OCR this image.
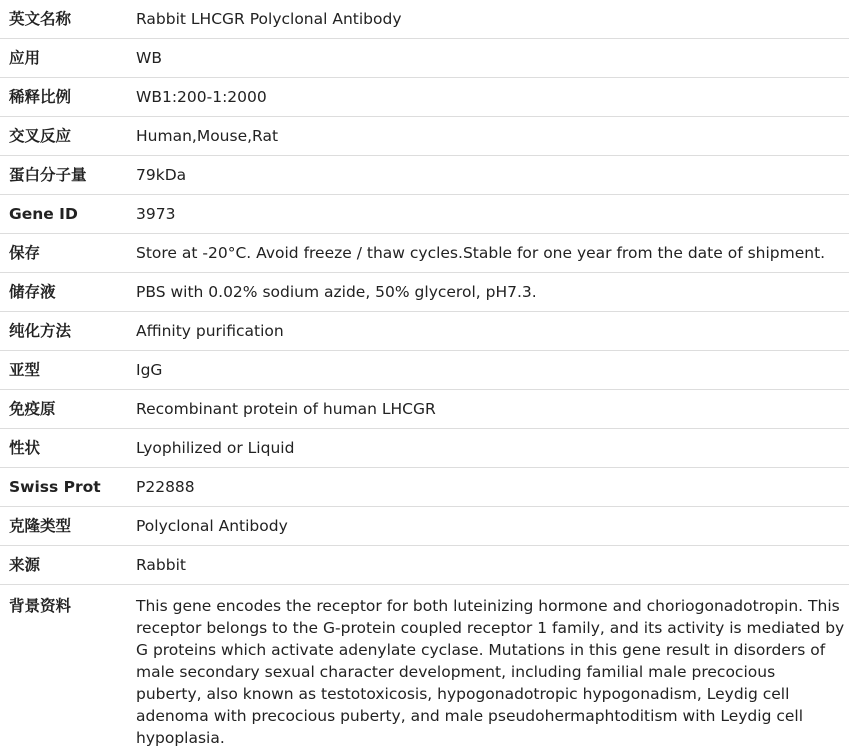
英文名称	Rabbit LHCGR Polyclonal Antibody
应用	WB
稀释比例	WB1:200-1:2000
交叉反应	Human,Mouse,Rat
蛋白分子量	79kDa
Gene ID	3973
保存	Store at -20°C. Avoid freeze / thaw cycles.Stable for one year from the date of shipment.
储存液	PBS with 0.02% sodium azide, 50% glycerol, pH7.3.
纯化方法	Affinity purification
亚型	IgG
免疫原	Recombinant protein of human LHCGR
性状	Lyophilized or Liquid
Swiss Prot	P22888
克隆类型	Polyclonal Antibody
来源	Rabbit
背景资料	This gene encodes the receptor for both luteinizing hormone and choriogonadotropin. This receptor belongs to the G-protein coupled receptor 1 family, and its activity is mediated by G proteins which activate adenylate cyclase. Mutations in this gene result in disorders of male secondary sexual character development, including familial male precocious puberty, also known as testotoxicosis, hypogonadotropic hypogonadism, Leydig cell adenoma with precocious puberty, and male pseudohermaphtoditism with Leydig cell hypoplasia.
